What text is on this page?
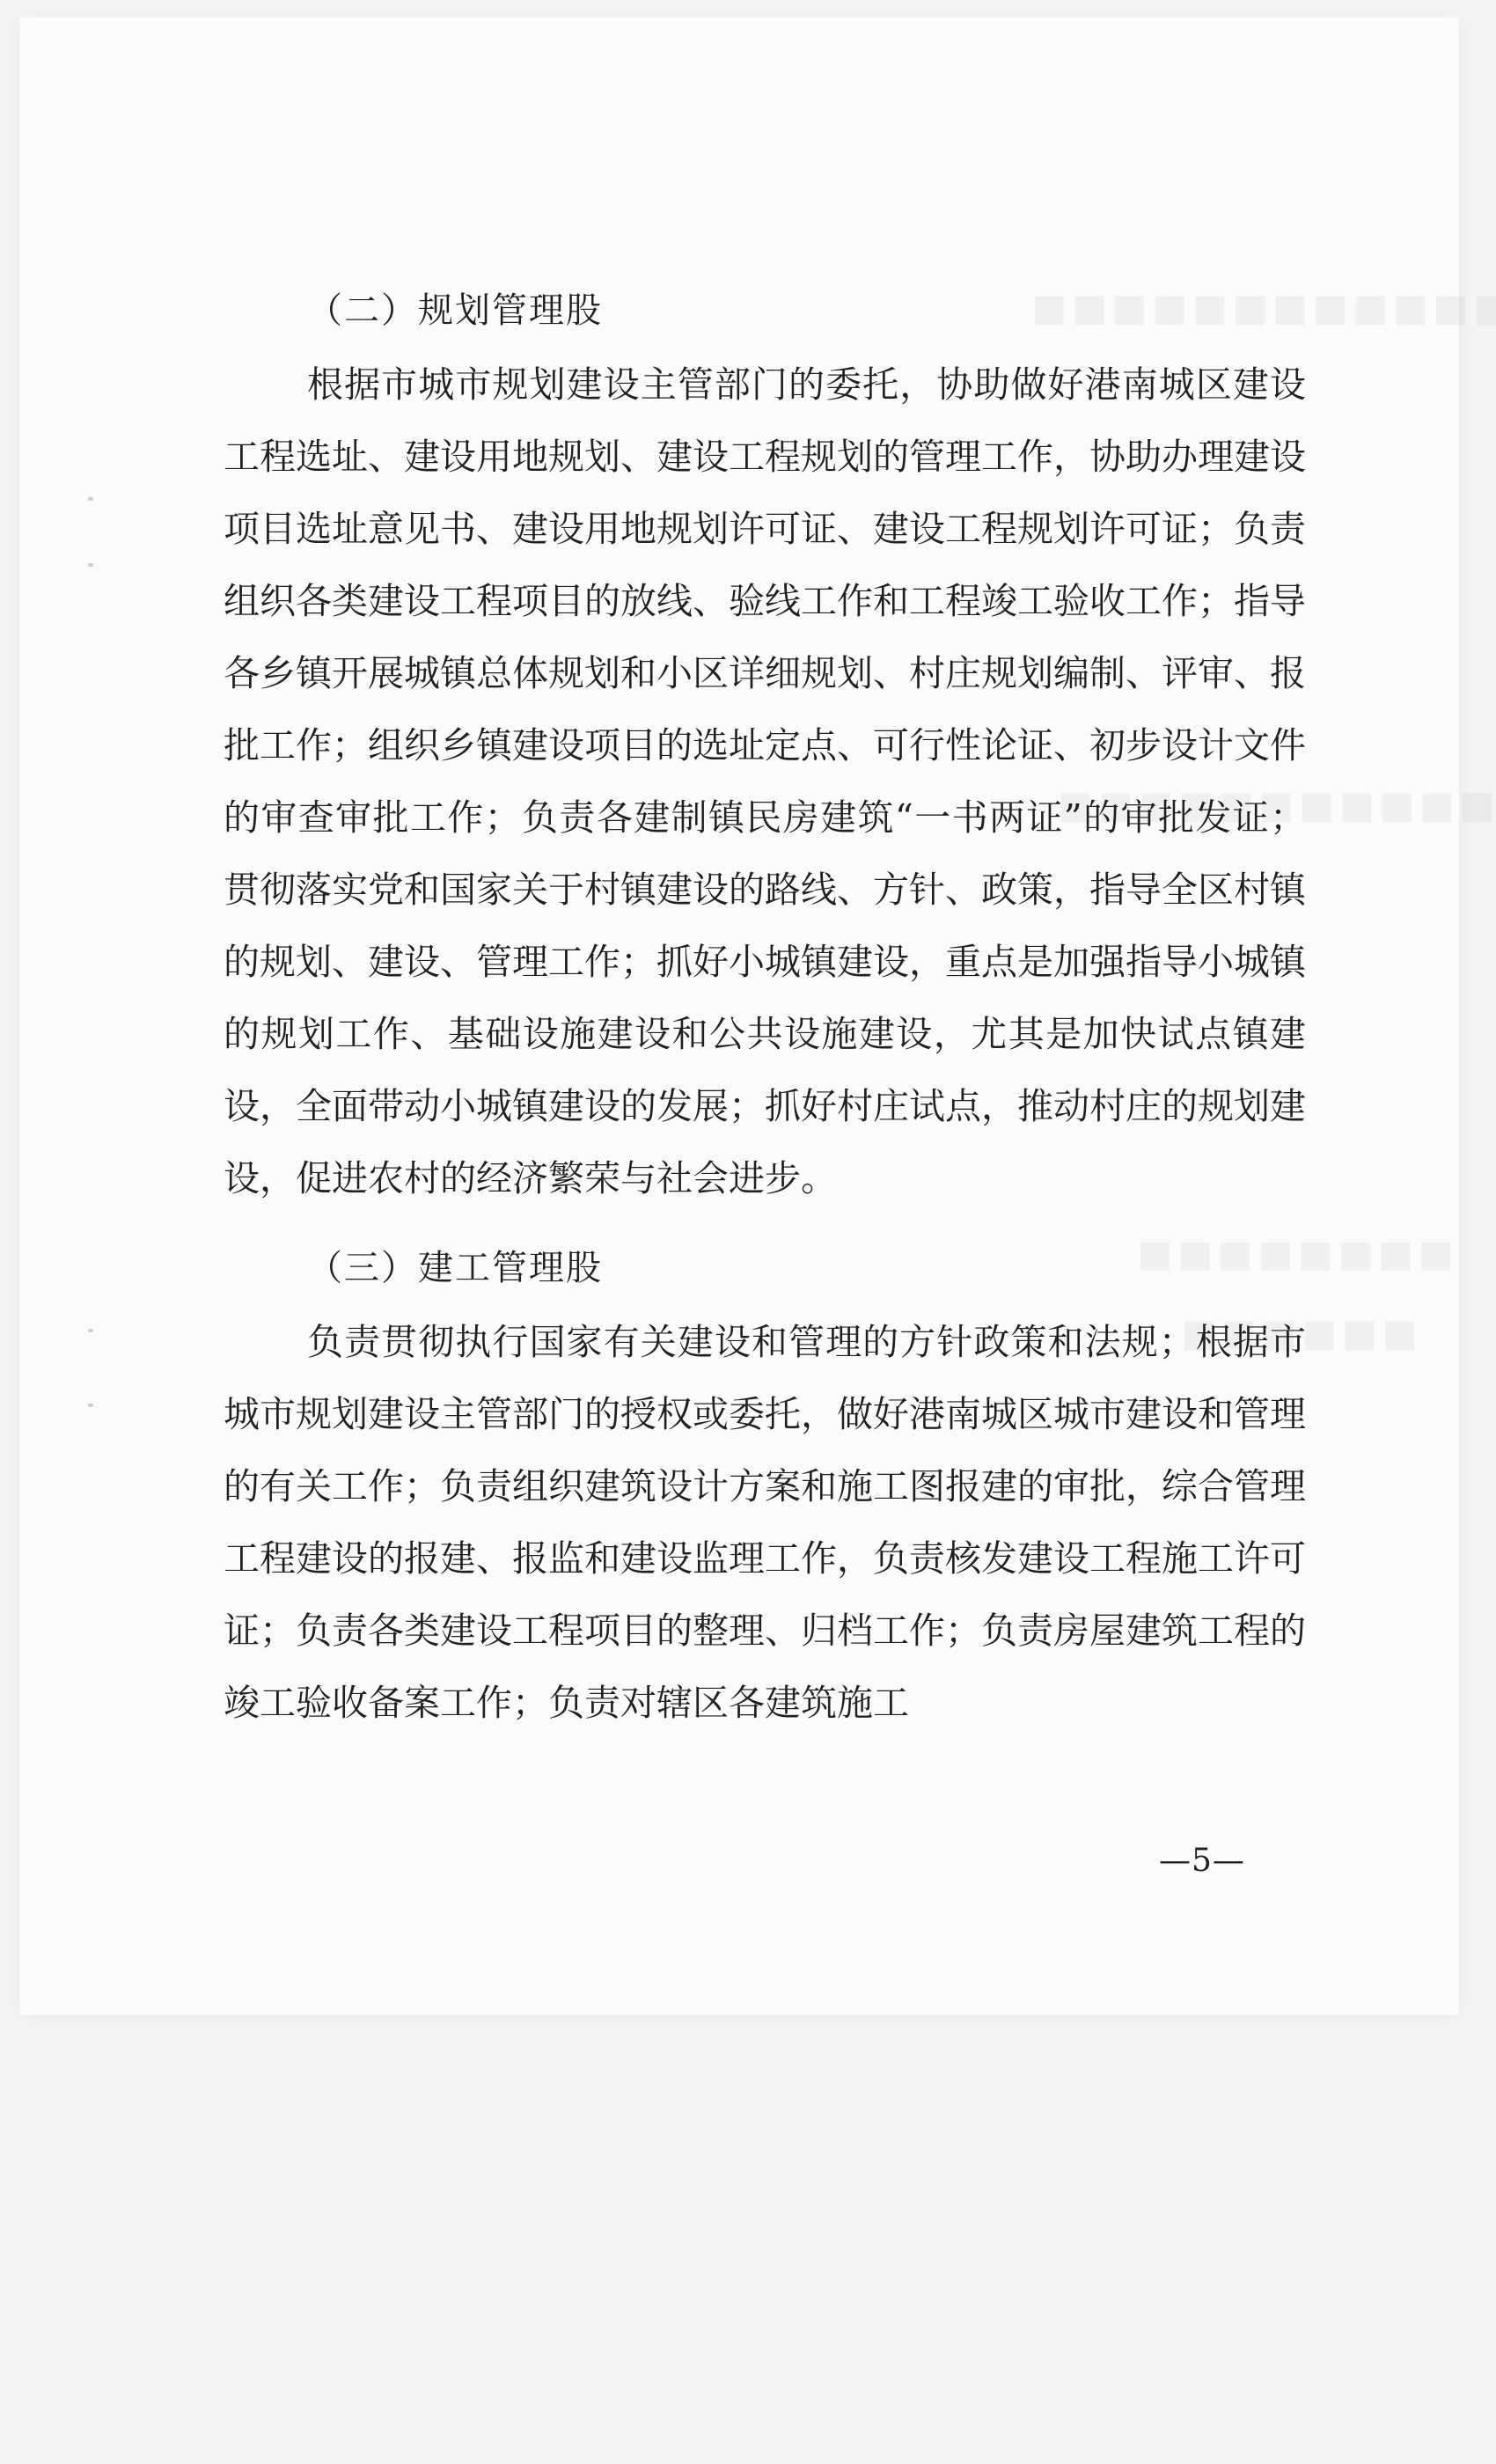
（二）规划管理股

根据市城市规划建设主管部门的委托，协助做好港南城区建设工程选址、建设用地规划、建设工程规划的管理工作，协助办理建设项目选址意见书、建设用地规划许可证、建设工程规划许可证；负责组织各类建设工程项目的放线、验线工作和工程竣工验收工作；指导各乡镇开展城镇总体规划和小区详细规划、村庄规划编制、评审、报批工作；组织乡镇建设项目的选址定点、可行性论证、初步设计文件的审查审批工作；负责各建制镇民房建筑“一书两证”的审批发证；贯彻落实党和国家关于村镇建设的路线、方针、政策，指导全区村镇的规划、建设、管理工作；抓好小城镇建设，重点是加强指导小城镇的规划工作、基础设施建设和公共设施建设，尤其是加快试点镇建设，全面带动小城镇建设的发展；抓好村庄试点，推动村庄的规划建设，促进农村的经济繁荣与社会进步。

（三）建工管理股

负责贯彻执行国家有关建设和管理的方针政策和法规；根据市城市规划建设主管部门的授权或委托，做好港南城区城市建设和管理的有关工作；负责组织建筑设计方案和施工图报建的审批，综合管理工程建设的报建、报监和建设监理工作，负责核发建设工程施工许可证；负责各类建设工程项目的整理、归档工作；负责房屋建筑工程的竣工验收备案工作；负责对辖区各建筑施工

—5—
